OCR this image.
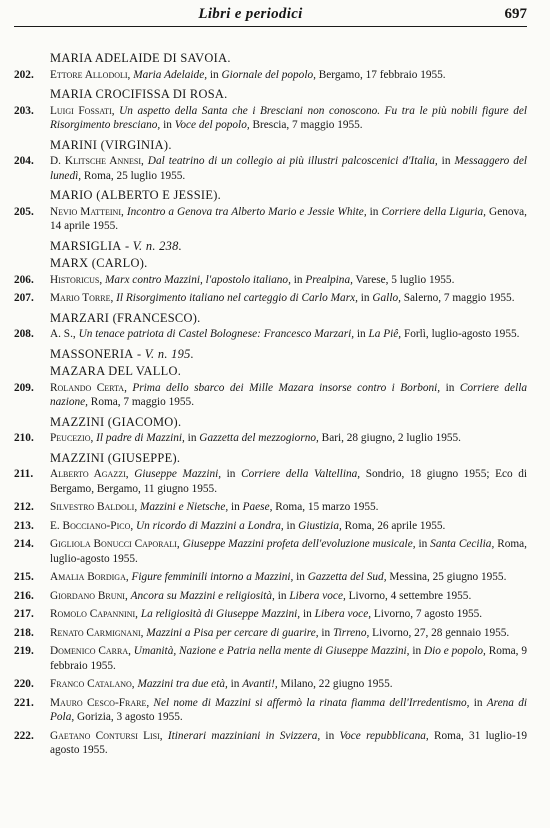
Libri e periodici	697
MARIA ADELAIDE DI SAVOIA.
202.	Ettore Allodoli, Maria Adelaide, in Giornale del popolo, Bergamo, 17 febbraio 1955.
MARIA CROCIFISSA DI ROSA.
203.	Luigi Fossati, Un aspetto della Santa che i Bresciani non conoscono. Fu tra le più nobili figure del Risorgimento bresciano, in Voce del popolo, Brescia, 7 maggio 1955.
MARINI (VIRGINIA).
204.	D. Klitsche Annesi, Dal teatrino di un collegio ai più illustri palcoscenici d'Italia, in Messaggero del lunedì, Roma, 25 luglio 1955.
MARIO (ALBERTO E JESSIE).
205.	Nevio Matteini, Incontro a Genova tra Alberto Mario e Jessie White, in Corriere della Liguria, Genova, 14 aprile 1955.
MARSIGLIA - V. n. 238.
MARX (CARLO).
206.	Historicus, Marx contro Mazzini, l'apostolo italiano, in Prealpina, Varese, 5 luglio 1955.
207.	Mario Torre, Il Risorgimento italiano nel carteggio di Carlo Marx, in Gallo, Salerno, 7 maggio 1955.
MARZARI (FRANCESCO).
208.	A. S., Un tenace patriota di Castel Bolognese: Francesco Marzari, in La Piê, Forlì, luglio-agosto 1955.
MASSONERIA - V. n. 195.
MAZARA DEL VALLO.
209.	Rolando Certa, Prima dello sbarco dei Mille Mazara insorse contro i Borboni, in Corriere della nazione, Roma, 7 maggio 1955.
MAZZINI (GIACOMO).
210.	Peucezio, Il padre di Mazzini, in Gazzetta del mezzogiorno, Bari, 28 giugno, 2 luglio 1955.
MAZZINI (GIUSEPPE).
211.	Alberto Agazzi, Giuseppe Mazzini, in Corriere della Valtellina, Sondrio, 18 giugno 1955; Eco di Bergamo, Bergamo, 11 giugno 1955.
212.	Silvestro Baldoli, Mazzini e Nietsche, in Paese, Roma, 15 marzo 1955.
213.	E. Bocciano-Pico, Un ricordo di Mazzini a Londra, in Giustizia, Roma, 26 aprile 1955.
214.	Gigliola Bonucci Caporali, Giuseppe Mazzini profeta dell'evoluzione musicale, in Santa Cecilia, Roma, luglio-agosto 1955.
215.	Amalia Bordiga, Figure femminili intorno a Mazzini, in Gazzetta del Sud, Messina, 25 giugno 1955.
216.	Giordano Bruni, Ancora su Mazzini e religiosità, in Libera voce, Livorno, 4 settembre 1955.
217.	Romolo Capannini, La religiosità di Giuseppe Mazzini, in Libera voce, Livorno, 7 agosto 1955.
218.	Renato Carmignani, Mazzini a Pisa per cercare di guarire, in Tirreno, Livorno, 27, 28 gennaio 1955.
219.	Domenico Carra, Umanità, Nazione e Patria nella mente di Giuseppe Mazzini, in Dio e popolo, Roma, 9 febbraio 1955.
220.	Franco Catalano, Mazzini tra due età, in Avanti!, Milano, 22 giugno 1955.
221.	Mauro Cesco-Frare, Nel nome di Mazzini si affermò la rinata fiamma dell'Irredentismo, in Arena di Pola, Gorizia, 3 agosto 1955.
222.	Gaetano Contursi Lisi, Itinerari mazziniani in Svizzera, in Voce repubblicana, Roma, 31 luglio-19 agosto 1955.
